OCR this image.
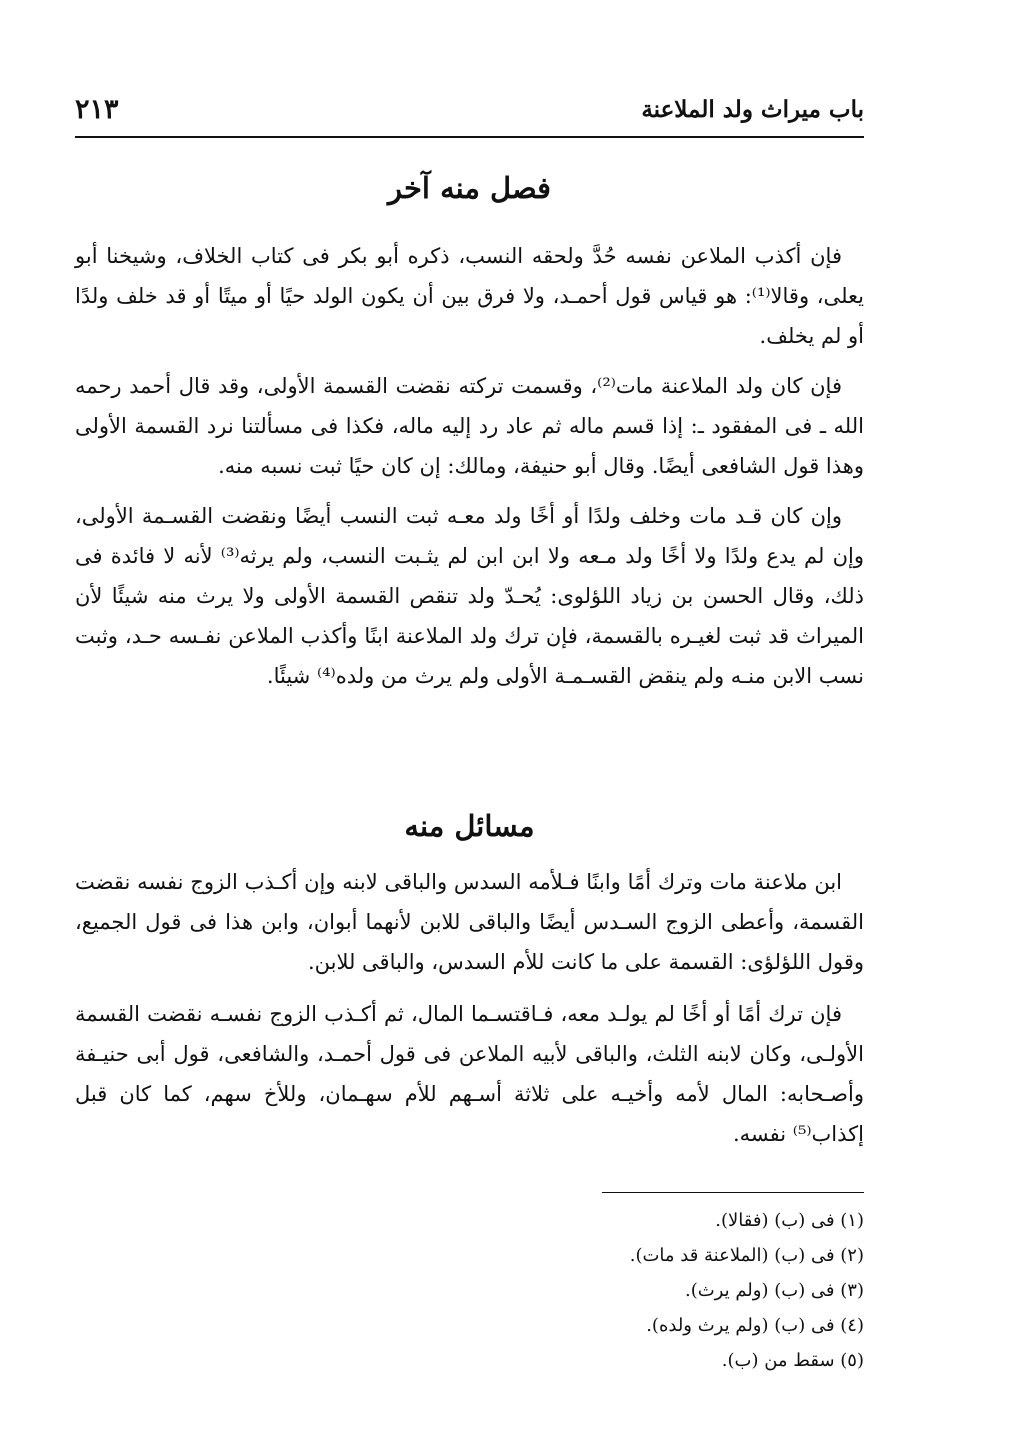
باب ميراث ولد الملاعنة
٢١٣
فصل منه آخر

فإن أكذب الملاعن نفسه حُدَّ ولحقه النسب، ذكره أبو بكر فى كتاب الخلاف، وشيخنا أبو يعلى، وقالا⁽¹⁾: هو قياس قول أحمـد، ولا فرق بين أن يكون الولد حيًا أو ميتًا أو قد خلف ولدًا أو لم يخلف.

فإن كان ولد الملاعنة مات⁽²⁾، وقسمت تركته نقضت القسمة الأولى، وقد قال أحمد رحمه الله ـ فى المفقود ـ: إذا قسم ماله ثم عاد رد إليه ماله، فكذا فى مسألتنا نرد القسمة الأولى وهذا قول الشافعى أيضًا. وقال أبو حنيفة، ومالك: إن كان حيًا ثبت نسبه منه.

وإن كان قـد مات وخلف ولدًا أو أخًا ولد معـه ثبت النسب أيضًا ونقضت القسـمة الأولى، وإن لم يدع ولدًا ولا أخًا ولد مـعه ولا ابن ابن لم يثـبت النسب، ولم يرثه⁽³⁾ لأنه لا فائدة فى ذلك، وقال الحسن بن زياد اللؤلوى: يُحـدّ ولد تنقص القسمة الأولى ولا يرث منه شيئًا لأن الميراث قد ثبت لغيـره بالقسمة، فإن ترك ولد الملاعنة ابنًا وأكذب الملاعن نفـسه حـد، وثبت نسب الابن منـه ولم ينقض القسـمـة الأولى ولم يرث من ولده⁽⁴⁾ شيئًا.

مسائل منه

ابن ملاعنة مات وترك أمًا وابنًا فـلأمه السدس والباقى لابنه وإن أكـذب الزوج نفسه نقضت القسمة، وأعطى الزوج السـدس أيضًا والباقى للابن لأنهما أبوان، وابن هذا فى قول الجميع، وقول اللؤلؤى: القسمة على ما كانت للأم السدس، والباقى للابن.

فإن ترك أمًا أو أخًا لم يولـد معه، فـاقتسـما المال، ثم أكـذب الزوج نفسـه نقضت القسمة الأولـى، وكان لابنه الثلث، والباقى لأبيه الملاعن فى قول أحمـد، والشافعى، قول أبى حنيـفة وأصـحابه: المال لأمه وأخيـه على ثلاثة أسـهم للأم سهـمان، وللأخ سهم، كما كان قبل إكذاب⁽⁵⁾ نفسه.

(١) فى (ب) (فقالا).
(٢) فى (ب) (الملاعنة قد مات).
(٣) فى (ب) (ولم يرث).
(٤) فى (ب) (ولم يرث ولده).
(٥) سقط من (ب).
